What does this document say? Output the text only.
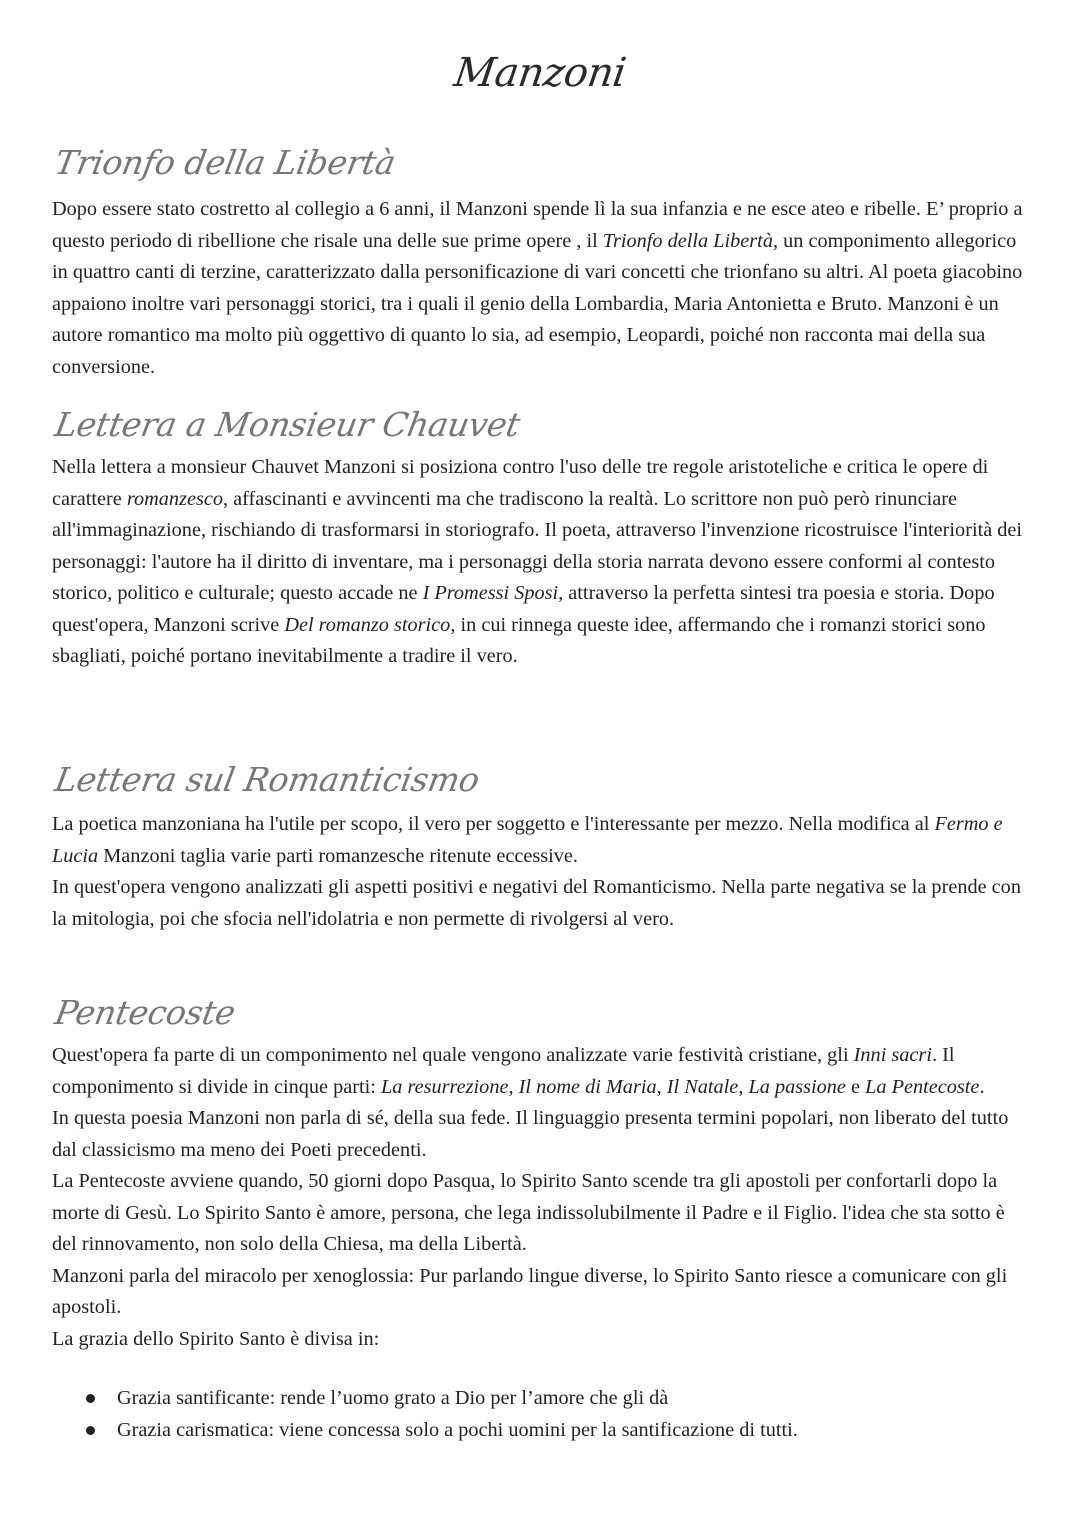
Manzoni
Trionfo della Libertà

Dopo essere stato costretto al collegio a 6 anni, il Manzoni spende lì la sua infanzia e ne esce ateo e ribelle. E’ proprio a questo periodo di ribellione che risale una delle sue prime opere , il Trionfo della Libertà, un componimento allegorico in quattro canti di terzine, caratterizzato dalla personificazione di vari concetti che trionfano su altri. Al poeta giacobino appaiono inoltre vari personaggi storici, tra i quali il genio della Lombardia, Maria Antonietta e Bruto. Manzoni è un autore romantico ma molto più oggettivo di quanto lo sia, ad esempio, Leopardi, poiché non racconta mai della sua conversione.

Lettera a Monsieur Chauvet

Nella lettera a monsieur Chauvet Manzoni si posiziona contro l'uso delle tre regole aristoteliche e critica le opere di carattere romanzesco, affascinanti e avvincenti ma che tradiscono la realtà. Lo scrittore non può però rinunciare all'immaginazione, rischiando di trasformarsi in storiografo. Il poeta, attraverso l'invenzione ricostruisce l'interiorità dei personaggi: l'autore ha il diritto di inventare, ma i personaggi della storia narrata devono essere conformi al contesto storico, politico e culturale; questo accade ne I Promessi Sposi, attraverso la perfetta sintesi tra poesia e storia. Dopo quest'opera, Manzoni scrive Del romanzo storico, in cui rinnega queste idee, affermando che i romanzi storici sono sbagliati, poiché portano inevitabilmente a tradire il vero.

Lettera sul Romanticismo

La poetica manzoniana ha l'utile per scopo, il vero per soggetto e l'interessante per mezzo. Nella modifica al Fermo e Lucia Manzoni taglia varie parti romanzesche ritenute eccessive.
In quest'opera vengono analizzati gli aspetti positivi e negativi del Romanticismo. Nella parte negativa se la prende con la mitologia, poi che sfocia nell'idolatria e non permette di rivolgersi al vero.

Pentecoste

Quest'opera fa parte di un componimento nel quale vengono analizzate varie festività cristiane, gli Inni sacri. Il componimento si divide in cinque parti: La resurrezione, Il nome di Maria, Il Natale, La passione e La Pentecoste.
In questa poesia Manzoni non parla di sé, della sua fede. Il linguaggio presenta termini popolari, non liberato del tutto dal classicismo ma meno dei Poeti precedenti.
La Pentecoste avviene quando, 50 giorni dopo Pasqua, lo Spirito Santo scende tra gli apostoli per confortarli dopo la morte di Gesù. Lo Spirito Santo è amore, persona, che lega indissolubilmente il Padre e il Figlio. l'idea che sta sotto è del rinnovamento, non solo della Chiesa, ma della Libertà.
Manzoni parla del miracolo per xenoglossia: Pur parlando lingue diverse, lo Spirito Santo riesce a comunicare con gli apostoli.
La grazia dello Spirito Santo è divisa in:

Grazia santificante: rende l’uomo grato a Dio per l’amore che gli dà
Grazia carismatica: viene concessa solo a pochi uomini per la santificazione di tutti.
